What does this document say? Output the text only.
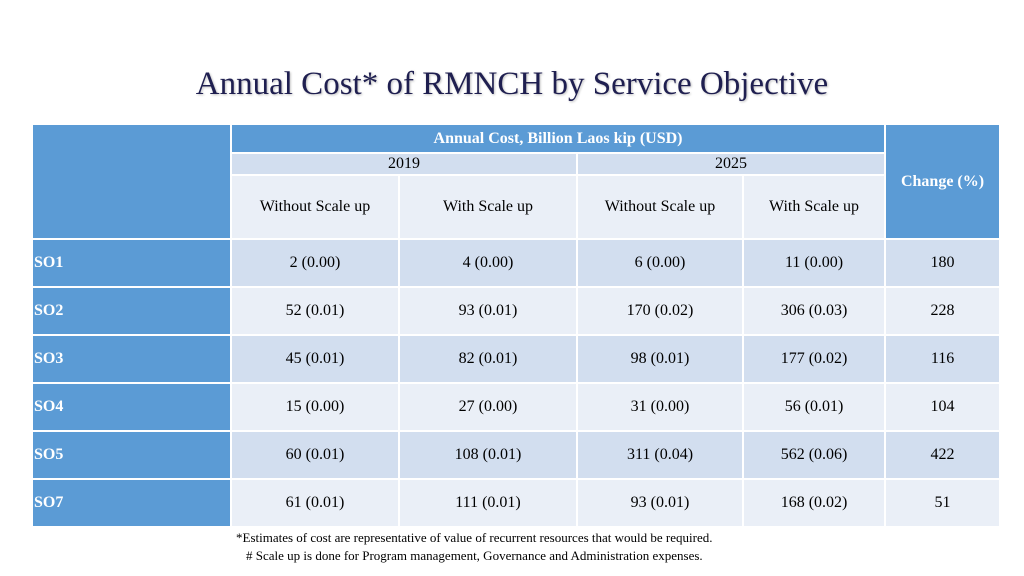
Annual Cost* of RMNCH by Service Objective
	Annual Cost, Billion Laos kip (USD)				Change (%)
	2019		2025		
	Without Scale up	With Scale up	Without Scale up	With Scale up	
SO1	2 (0.00)	4 (0.00)	6 (0.00)	11 (0.00)	180
SO2	52 (0.01)	93 (0.01)	170 (0.02)	306 (0.03)	228
SO3	45 (0.01)	82 (0.01)	98 (0.01)	177 (0.02)	116
SO4	15 (0.00)	27 (0.00)	31 (0.00)	56 (0.01)	104
SO5	60 (0.01)	108 (0.01)	311 (0.04)	562 (0.06)	422
SO7	61 (0.01)	111 (0.01)	93 (0.01)	168 (0.02)	51
*Estimates of cost are representative of value of recurrent resources that would be required.
# Scale up is done for Program management, Governance and Administration expenses.
